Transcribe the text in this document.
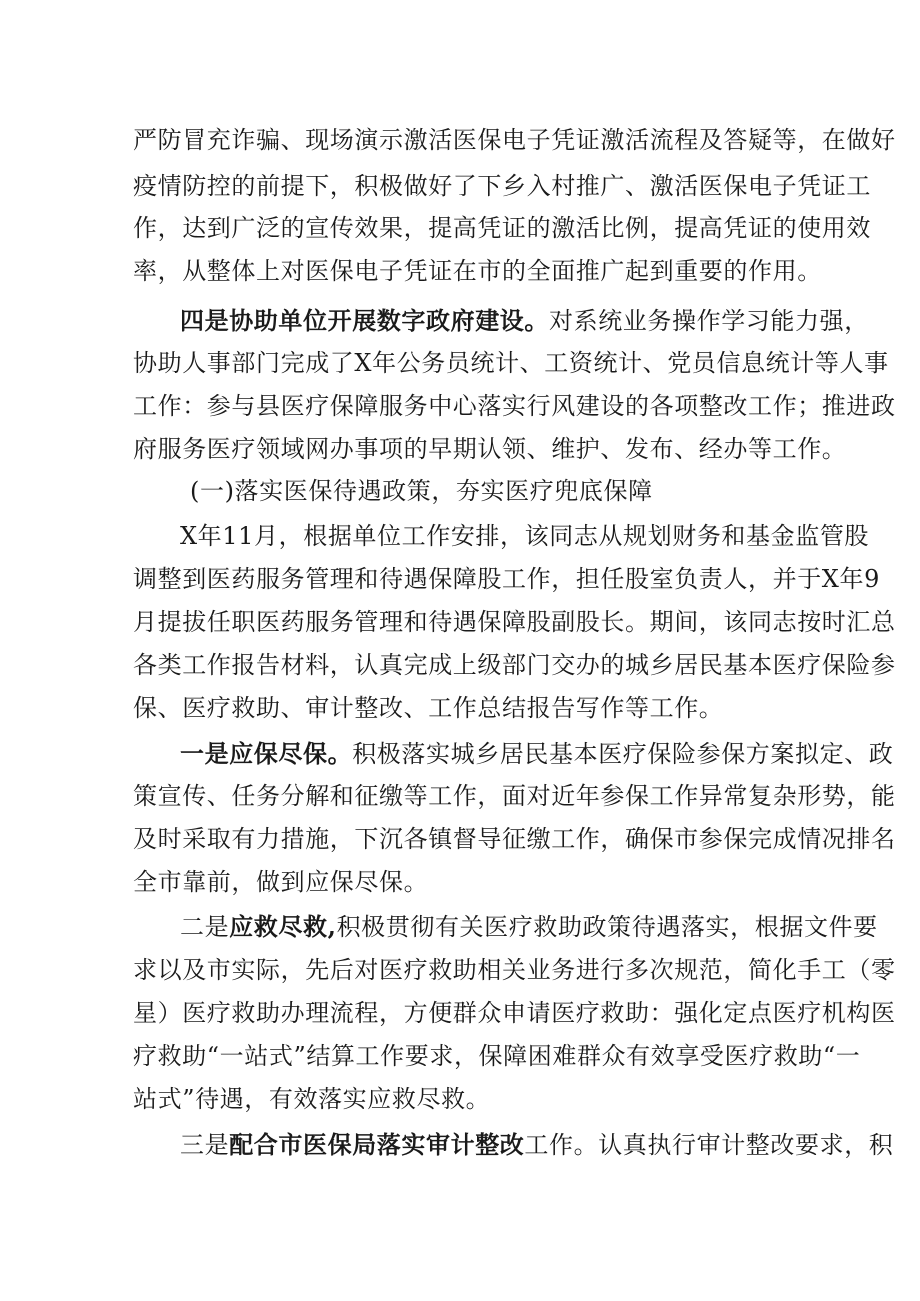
严防冒充诈骗、现场演示激活医保电子凭证激活流程及答疑等，在做好
疫情防控的前提下，积极做好了下乡入村推广、激活医保电子凭证工
作，达到广泛的宣传效果，提高凭证的激活比例，提高凭证的使用效
率，从整体上对医保电子凭证在市的全面推广起到重要的作用。
四是协助单位开展数字政府建设。对系统业务操作学习能力强，
协助人事部门完成了X年公务员统计、工资统计、党员信息统计等人事
工作：参与县医疗保障服务中心落实行风建设的各项整改工作；推进政
府服务医疗领域网办事项的早期认领、维护、发布、经办等工作。
(一)落实医保待遇政策，夯实医疗兜底保障
X年11月，根据单位工作安排，该同志从规划财务和基金监管股
调整到医药服务管理和待遇保障股工作，担任股室负责人，并于X年9
月提拔任职医药服务管理和待遇保障股副股长。期间，该同志按时汇总
各类工作报告材料，认真完成上级部门交办的城乡居民基本医疗保险参
保、医疗救助、审计整改、工作总结报告写作等工作。
一是应保尽保。积极落实城乡居民基本医疗保险参保方案拟定、政
策宣传、任务分解和征缴等工作，面对近年参保工作异常复杂形势，能
及时采取有力措施，下沉各镇督导征缴工作，确保市参保完成情况排名
全市靠前，做到应保尽保。
二是应救尽救,积极贯彻有关医疗救助政策待遇落实，根据文件要
求以及市实际，先后对医疗救助相关业务进行多次规范，简化手工（零
星）医疗救助办理流程，方便群众申请医疗救助：强化定点医疗机构医
疗救助“一站式”结算工作要求，保障困难群众有效享受医疗救助“一
站式”待遇，有效落实应救尽救。
三是配合市医保局落实审计整改工作。认真执行审计整改要求，积
